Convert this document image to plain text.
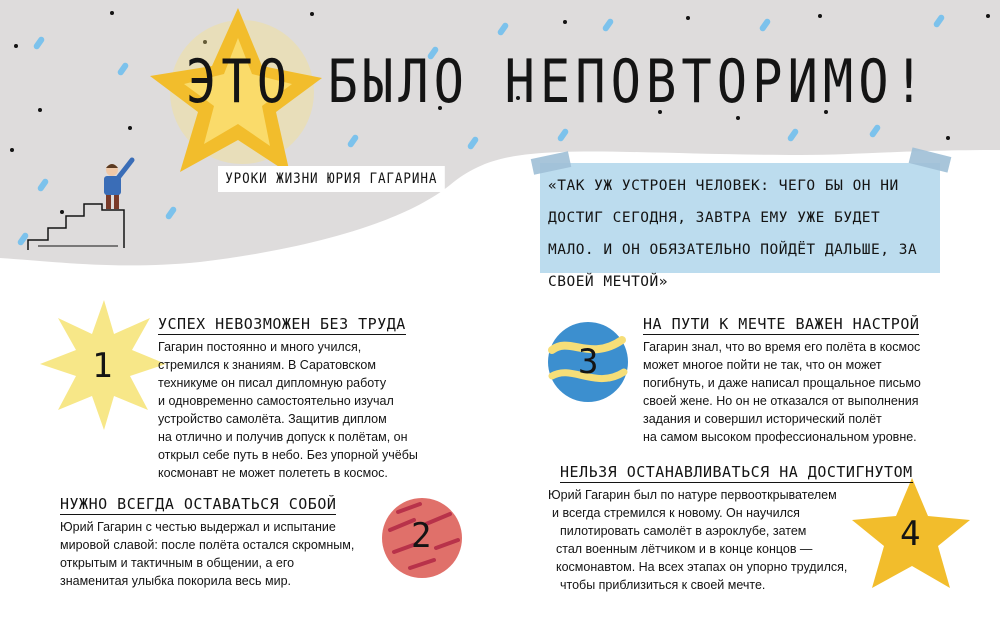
ЭТО БЫЛО НЕПОВТОРИМО!
УРОКИ ЖИЗНИ ЮРИЯ ГАГАРИНА	«ТАК УЖ УСТРОЕН ЧЕЛОВЕК: ЧЕГО БЫ ОН НИ ДОСТИГ СЕГОДНЯ, ЗАВТРА ЕМУ УЖЕ БУДЕТ МАЛО. И ОН ОБЯЗАТЕЛЬНО ПОЙДЁТ ДАЛЬШЕ, ЗА СВОЕЙ МЕЧТОЙ»

1
2
3
4
УСПЕХ НЕВОЗМОЖЕН БЕЗ ТРУДА
Гагарин постоянно и много учился,
стремился к знаниям. В Саратовском
техникуме он писал дипломную работу
и одновременно самостоятельно изучал
устройство самолёта. Защитив диплом
на отлично и получив допуск к полётам, он
открыл себе путь в небо. Без упорной учёбы
космонавт не может полететь в космос.
НУЖНО ВСЕГДА ОСТАВАТЬСЯ СОБОЙ
Юрий Гагарин с честью выдержал и испытание
мировой славой: после полёта остался скромным,
открытым и тактичным в общении, а его
знаменитая улыбка покорила весь мир.
НА ПУТИ К МЕЧТЕ ВАЖЕН НАСТРОЙ
Гагарин знал, что во время его полёта в космос
может многое пойти не так, что он может
погибнуть, и даже написал прощальное письмо
своей жене. Но он не отказался от выполнения
задания и совершил исторический полёт
на самом высоком профессиональном уровне.
НЕЛЬЗЯ ОСТАНАВЛИВАТЬСЯ НА ДОСТИГНУТОМ
Юрий Гагарин был по натуре первооткрывателем
и всегда стремился к новому. Он научился
пилотировать самолёт в аэроклубе, затем
стал военным лётчиком и в конце концов —
космонавтом. На всех этапах он упорно трудился,
чтобы приблизиться к своей мечте.
